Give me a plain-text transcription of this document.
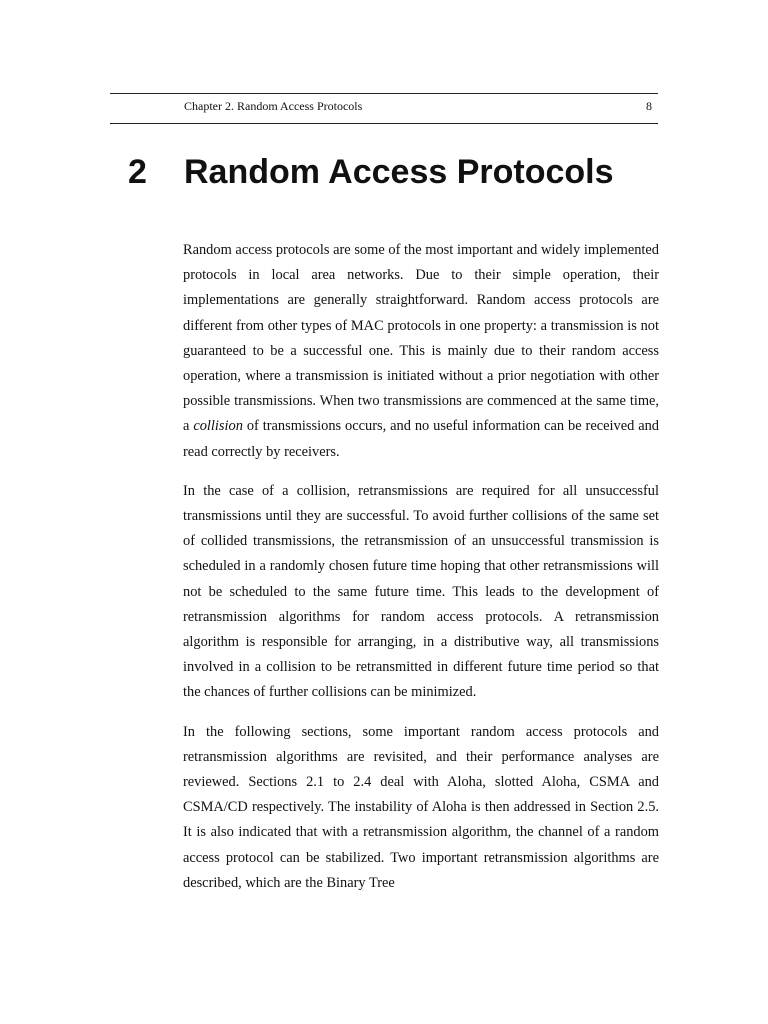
Chapter 2. Random Access Protocols	8
2 Random Access Protocols

Random access protocols are some of the most important and widely implemented protocols in local area networks. Due to their simple operation, their implementations are generally straightforward. Random access protocols are different from other types of MAC protocols in one property: a transmission is not guaranteed to be a successful one. This is mainly due to their random access operation, where a transmission is initiated without a prior negotiation with other possible transmissions. When two transmissions are commenced at the same time, a collision of transmissions occurs, and no useful information can be received and read correctly by receivers.

In the case of a collision, retransmissions are required for all unsuccessful transmissions until they are successful. To avoid further collisions of the same set of collided transmissions, the retransmission of an unsuccessful transmission is scheduled in a randomly chosen future time hoping that other retransmissions will not be scheduled to the same future time. This leads to the development of retransmission algorithms for random access protocols. A retransmission algorithm is responsible for arranging, in a distributive way, all transmissions involved in a collision to be retransmitted in different future time period so that the chances of further collisions can be minimized.

In the following sections, some important random access protocols and retransmission algorithms are revisited, and their performance analyses are reviewed. Sections 2.1 to 2.4 deal with Aloha, slotted Aloha, CSMA and CSMA/CD respectively. The instability of Aloha is then addressed in Section 2.5. It is also indicated that with a retransmission algorithm, the channel of a random access protocol can be stabilized. Two important retransmission algorithms are described, which are the Binary Tree
